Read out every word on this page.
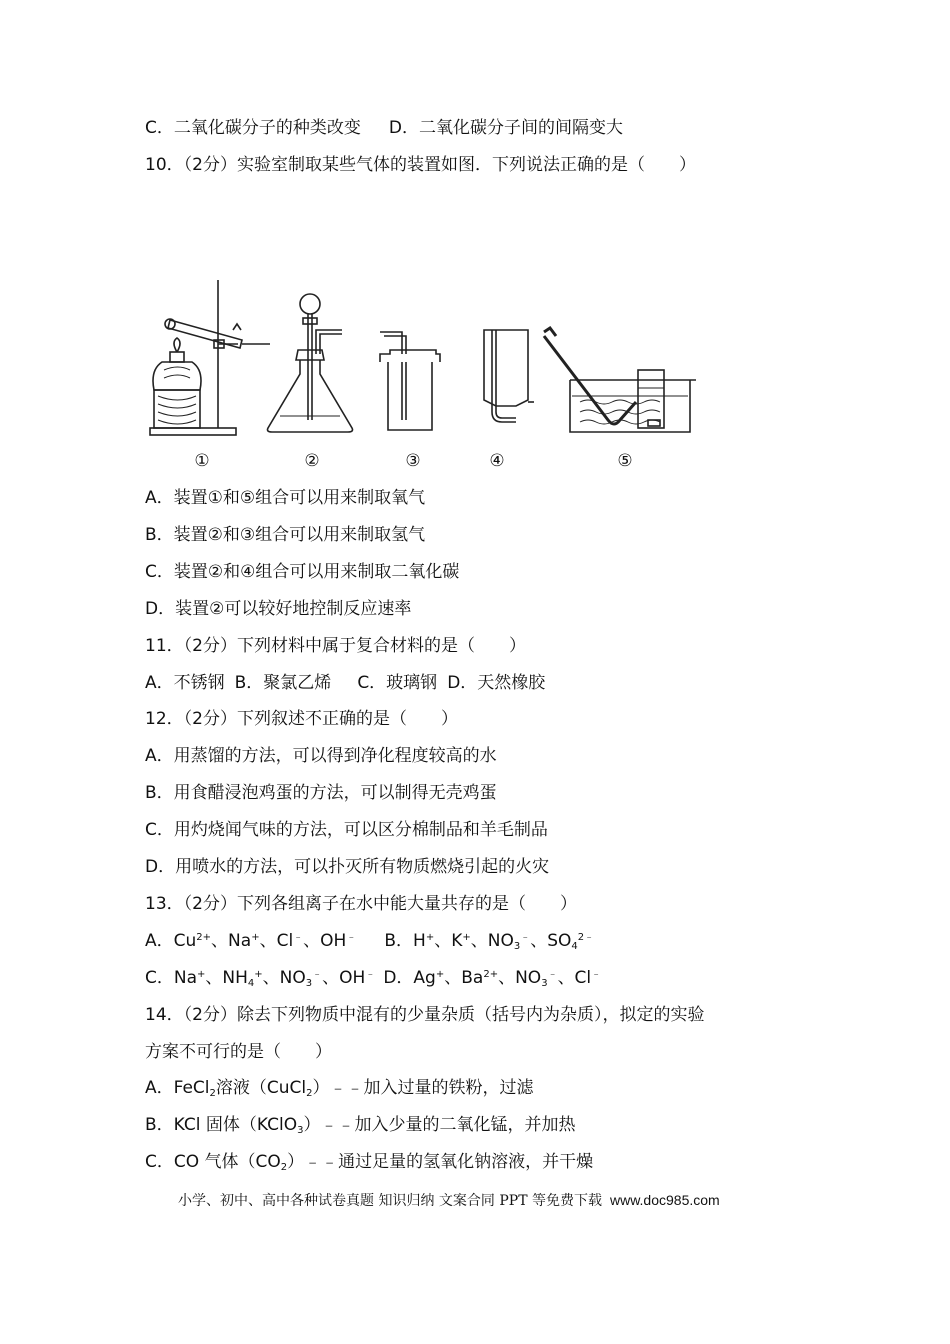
C．二氧化碳分子的种类改变 D．二氧化碳分子间的间隔变大
10．（2分）实验室制取某些气体的装置如图．下列说法正确的是（　　）
①	②	③	④	⑤
A．装置①和⑤组合可以用来制取氧气
B．装置②和③组合可以用来制取氢气
C．装置②和④组合可以用来制取二氧化碳
D．装置②可以较好地控制反应速率
11．（2分）下列材料中属于复合材料的是（　　）
A．不锈钢 B．聚氯乙烯 C．玻璃钢 D．天然橡胶
12．（2分）下列叙述不正确的是（　　）
A．用蒸馏的方法，可以得到净化程度较高的水
B．用食醋浸泡鸡蛋的方法，可以制得无壳鸡蛋
C．用灼烧闻气味的方法，可以区分棉制品和羊毛制品
D．用喷水的方法，可以扑灭所有物质燃烧引起的火灾
13．（2分）下列各组离子在水中能大量共存的是（　　）
A．$Cu^{2+}$、Na+、Cl﹣、OH﹣ B．H+、K+、$NO_3^﹣$、$SO_4^{2﹣}$
C．Na+、$NH_4^+$、$NO_3^﹣$、OH﹣ D．Ag+、$Ba^{2+}$、$NO_3^﹣$、Cl﹣
14．（2分）除去下列物质中混有的少量杂质（括号内为杂质），拟定的实验
方案不可行的是（　　）
A．FeCl$_2$溶液（CuCl$_2$）﹣﹣加入过量的铁粉，过滤
B．KCl 固体（KClO$_3$）﹣﹣加入少量的二氧化锰，并加热
C．CO 气体$(CO_2)﹣﹣$通过足量的氢氧化钠溶液，并干燥
小学、初中、高中各种试卷真题 知识归纳 文案合同 PPT 等免费下载 www.doc985.com
